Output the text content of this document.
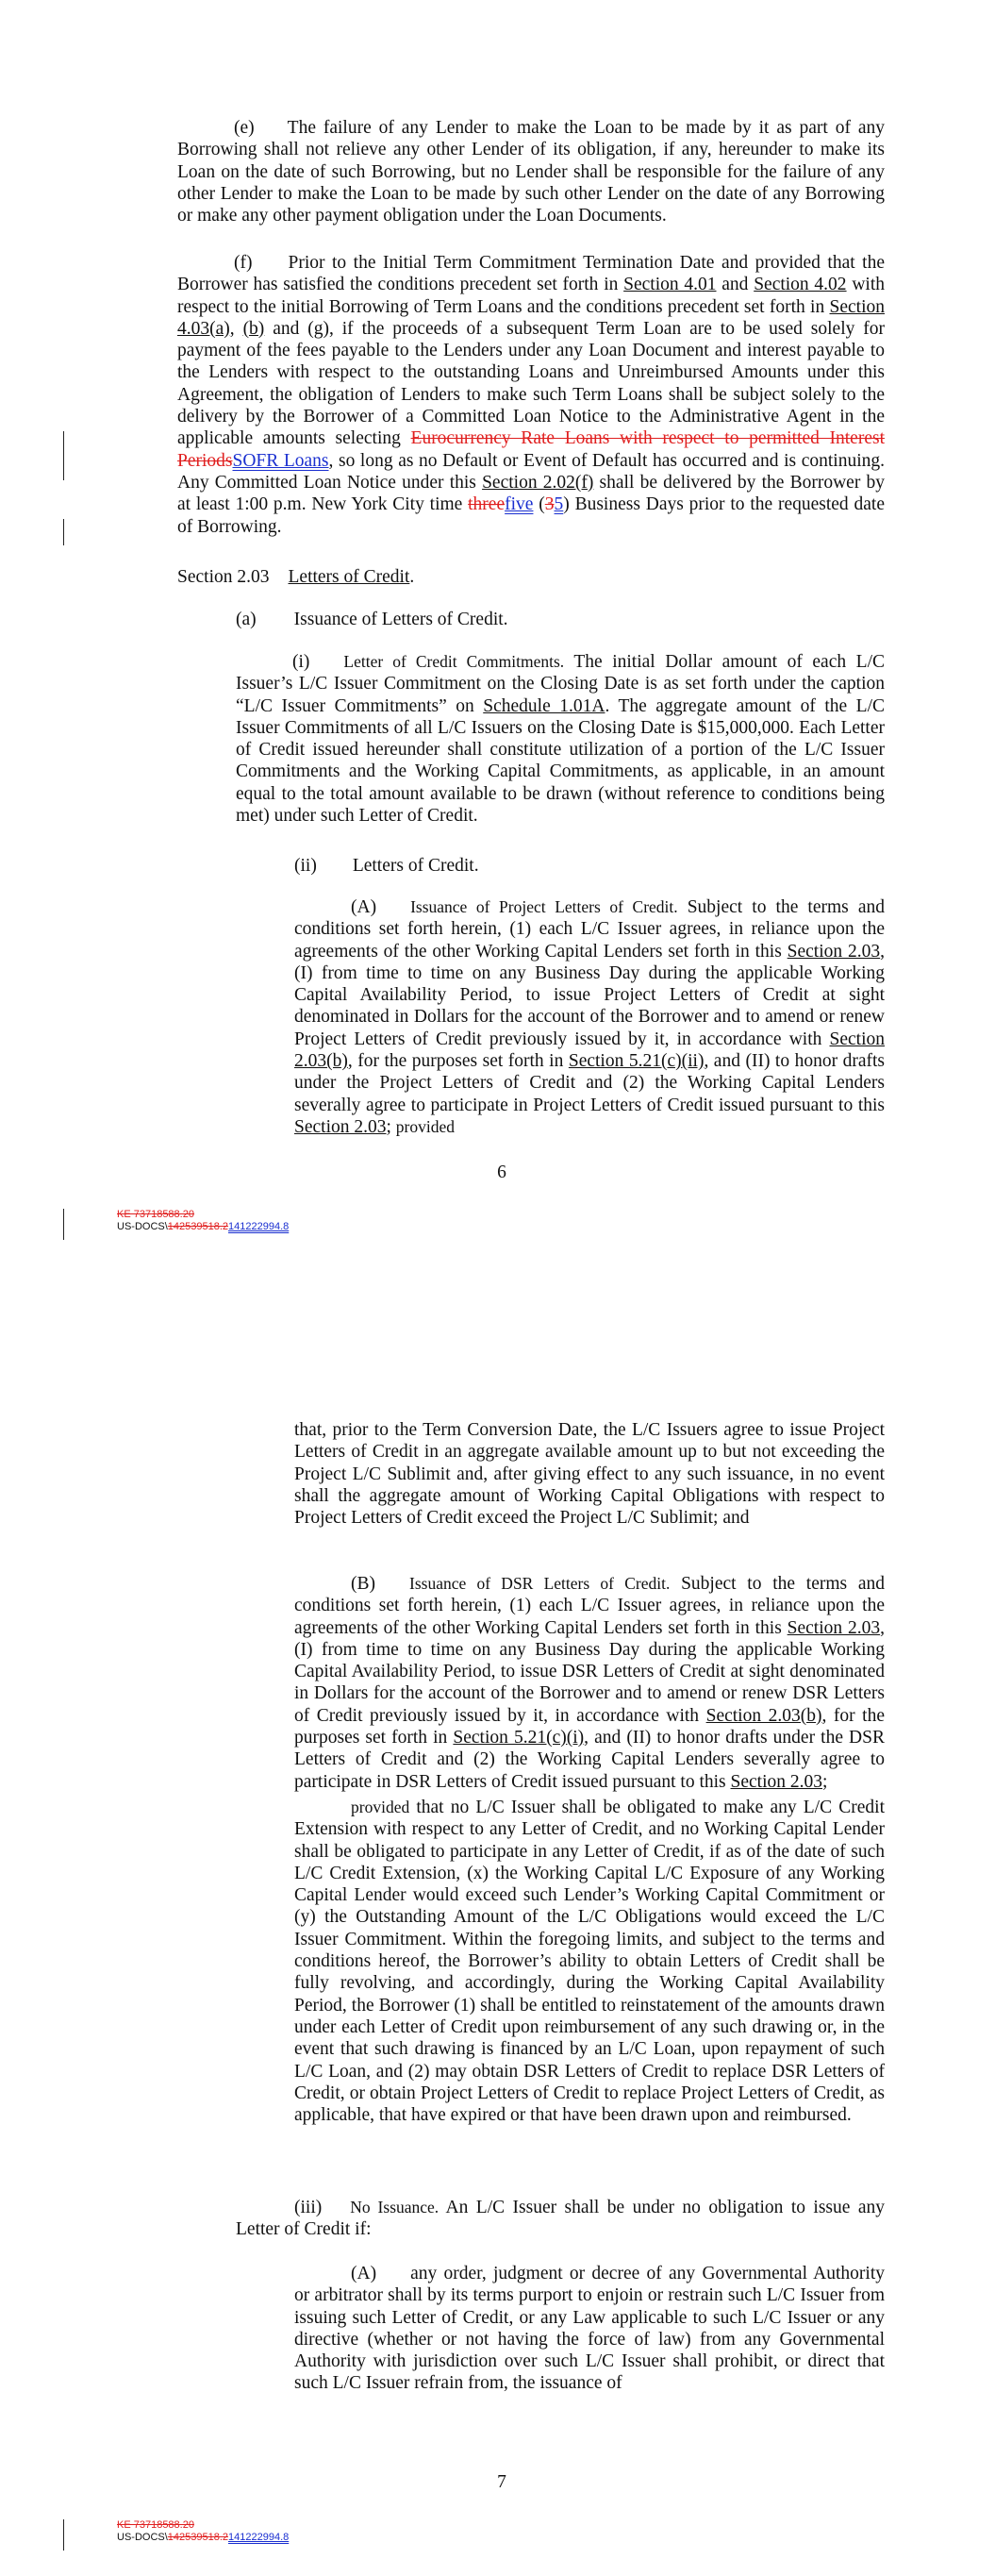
(e) The failure of any Lender to make the Loan to be made by it as part of any Borrowing shall not relieve any other Lender of its obligation, if any, hereunder to make its Loan on the date of such Borrowing, but no Lender shall be responsible for the failure of any other Lender to make the Loan to be made by such other Lender on the date of any Borrowing or make any other payment obligation under the Loan Documents.
(f) Prior to the Initial Term Commitment Termination Date and provided that the Borrower has satisfied the conditions precedent set forth in Section 4.01 and Section 4.02 with respect to the initial Borrowing of Term Loans and the conditions precedent set forth in Section 4.03(a), (b) and (g), if the proceeds of a subsequent Term Loan are to be used solely for payment of the fees payable to the Lenders under any Loan Document and interest payable to the Lenders with respect to the outstanding Loans and Unreimbursed Amounts under this Agreement, the obligation of Lenders to make such Term Loans shall be subject solely to the delivery by the Borrower of a Committed Loan Notice to the Administrative Agent in the applicable amounts selecting Eurocurrency Rate Loans with respect to permitted Interest PeriodsSOFR Loans, so long as no Default or Event of Default has occurred and is continuing. Any Committed Loan Notice under this Section 2.02(f) shall be delivered by the Borrower by at least 1:00 p.m. New York City time threefive (35) Business Days prior to the requested date of Borrowing.
Section 2.03 Letters of Credit.
(a) Issuance of Letters of Credit.
(i) Letter of Credit Commitments. The initial Dollar amount of each L/C Issuer’s L/C Issuer Commitment on the Closing Date is as set forth under the caption “L/C Issuer Commitments” on Schedule 1.01A. The aggregate amount of the L/C Issuer Commitments of all L/C Issuers on the Closing Date is $15,000,000. Each Letter of Credit issued hereunder shall constitute utilization of a portion of the L/C Issuer Commitments and the Working Capital Commitments, as applicable, in an amount equal to the total amount available to be drawn (without reference to conditions being met) under such Letter of Credit.
(ii) Letters of Credit.
(A) Issuance of Project Letters of Credit. Subject to the terms and conditions set forth herein, (1) each L/C Issuer agrees, in reliance upon the agreements of the other Working Capital Lenders set forth in this Section 2.03, (I) from time to time on any Business Day during the applicable Working Capital Availability Period, to issue Project Letters of Credit at sight denominated in Dollars for the account of the Borrower and to amend or renew Project Letters of Credit previously issued by it, in accordance with Section 2.03(b), for the purposes set forth in Section 5.21(c)(ii), and (II) to honor drafts under the Project Letters of Credit and (2) the Working Capital Lenders severally agree to participate in Project Letters of Credit issued pursuant to this Section 2.03; provided
6
KE 73718588.20
US-DOCS\142539518.2141222994.8
that, prior to the Term Conversion Date, the L/C Issuers agree to issue Project Letters of Credit in an aggregate available amount up to but not exceeding the Project L/C Sublimit and, after giving effect to any such issuance, in no event shall the aggregate amount of Working Capital Obligations with respect to Project Letters of Credit exceed the Project L/C Sublimit; and
(B) Issuance of DSR Letters of Credit. Subject to the terms and conditions set forth herein, (1) each L/C Issuer agrees, in reliance upon the agreements of the other Working Capital Lenders set forth in this Section 2.03, (I) from time to time on any Business Day during the applicable Working Capital Availability Period, to issue DSR Letters of Credit at sight denominated in Dollars for the account of the Borrower and to amend or renew DSR Letters of Credit previously issued by it, in accordance with Section 2.03(b), for the purposes set forth in Section 5.21(c)(i), and (II) to honor drafts under the DSR Letters of Credit and (2) the Working Capital Lenders severally agree to participate in DSR Letters of Credit issued pursuant to this Section 2.03;
provided that no L/C Issuer shall be obligated to make any L/C Credit Extension with respect to any Letter of Credit, and no Working Capital Lender shall be obligated to participate in any Letter of Credit, if as of the date of such L/C Credit Extension, (x) the Working Capital L/C Exposure of any Working Capital Lender would exceed such Lender’s Working Capital Commitment or (y) the Outstanding Amount of the L/C Obligations would exceed the L/C Issuer Commitment. Within the foregoing limits, and subject to the terms and conditions hereof, the Borrower’s ability to obtain Letters of Credit shall be fully revolving, and accordingly, during the Working Capital Availability Period, the Borrower (1) shall be entitled to reinstatement of the amounts drawn under each Letter of Credit upon reimbursement of any such drawing or, in the event that such drawing is financed by an L/C Loan, upon repayment of such L/C Loan, and (2) may obtain DSR Letters of Credit to replace DSR Letters of Credit, or obtain Project Letters of Credit to replace Project Letters of Credit, as applicable, that have expired or that have been drawn upon and reimbursed.
(iii) No Issuance. An L/C Issuer shall be under no obligation to issue any Letter of Credit if:
(A) any order, judgment or decree of any Governmental Authority or arbitrator shall by its terms purport to enjoin or restrain such L/C Issuer from issuing such Letter of Credit, or any Law applicable to such L/C Issuer or any directive (whether or not having the force of law) from any Governmental Authority with jurisdiction over such L/C Issuer shall prohibit, or direct that such L/C Issuer refrain from, the issuance of
7
KE 73718588.20
US-DOCS\142539518.2141222994.8
